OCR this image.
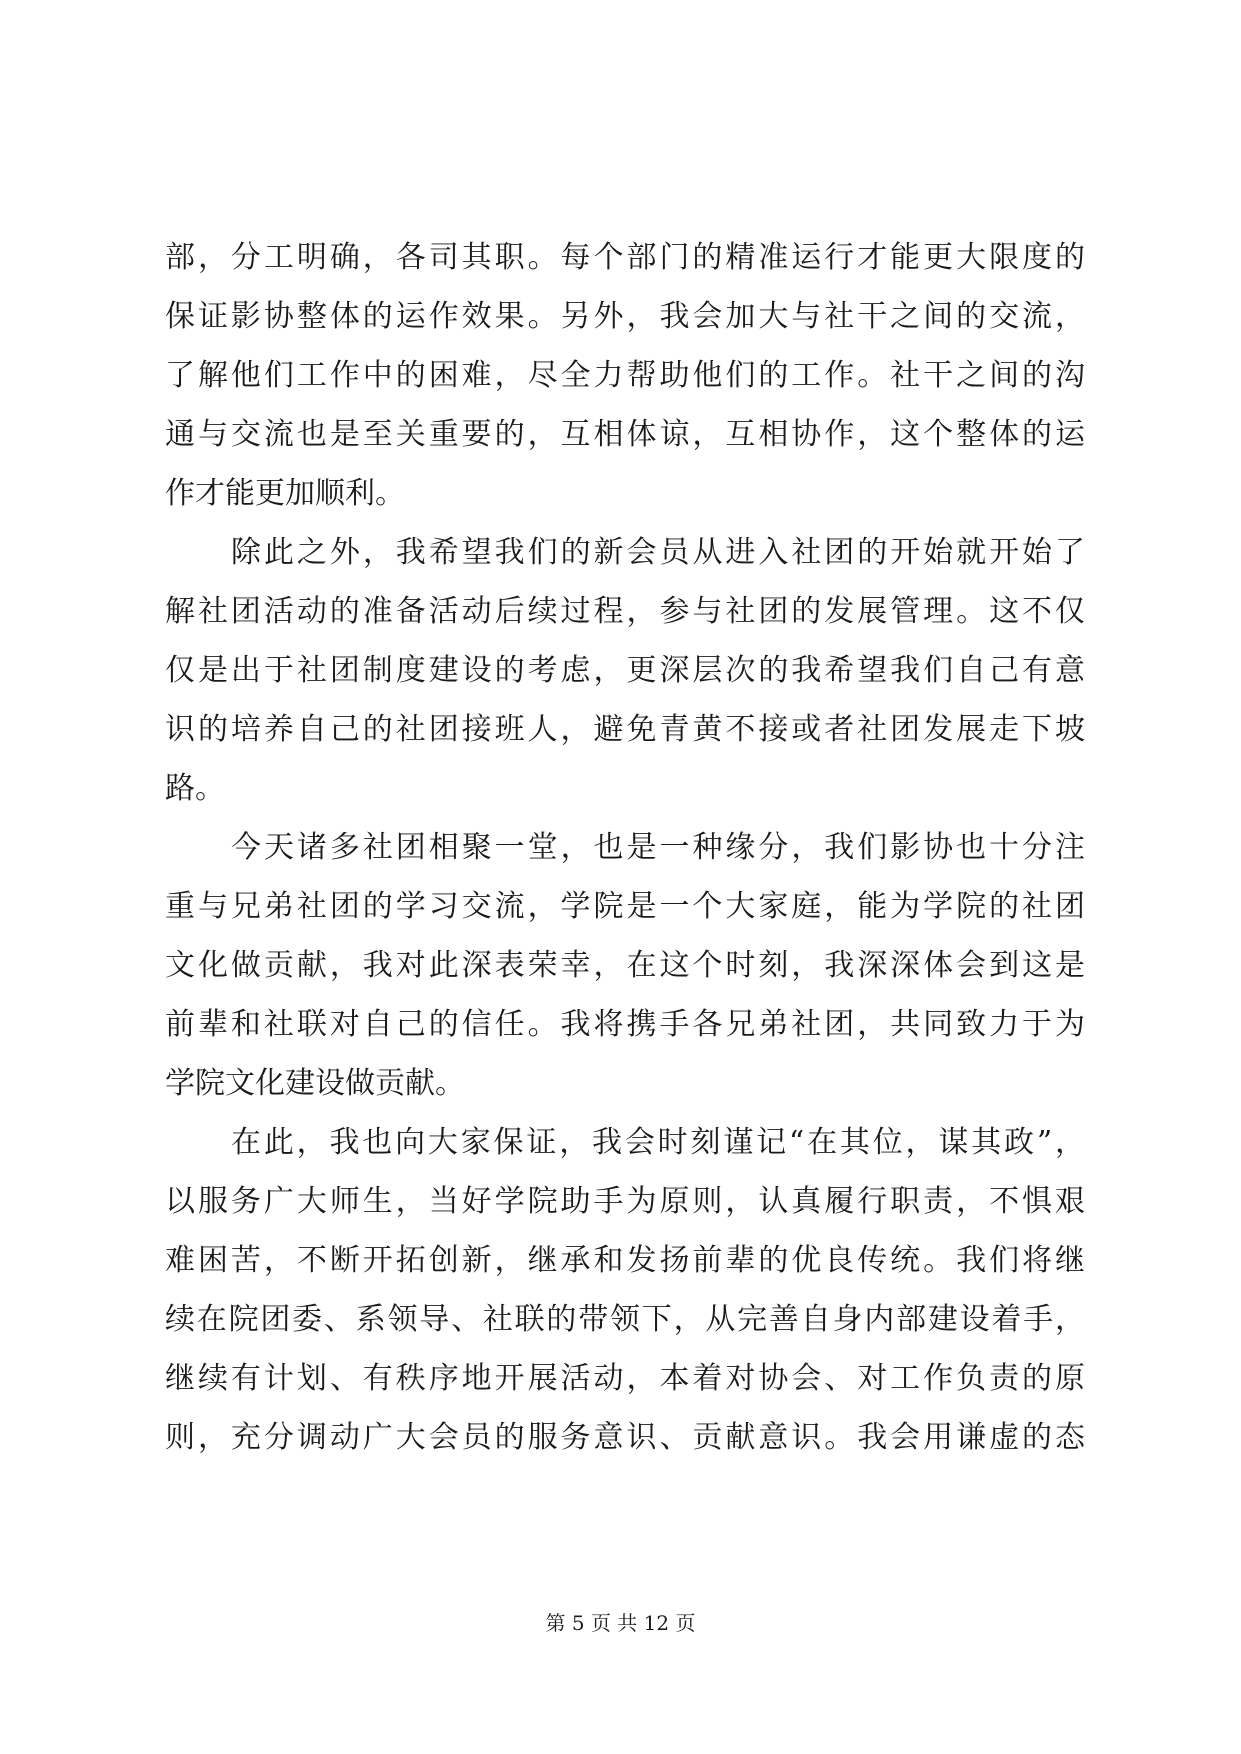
部，分工明确，各司其职。每个部门的精准运行才能更大限度的
保证影协整体的运作效果。另外，我会加大与社干之间的交流，
了解他们工作中的困难，尽全力帮助他们的工作。社干之间的沟
通与交流也是至关重要的，互相体谅，互相协作，这个整体的运
作才能更加顺利。
除此之外，我希望我们的新会员从进入社团的开始就开始了
解社团活动的准备活动后续过程，参与社团的发展管理。这不仅
仅是出于社团制度建设的考虑，更深层次的我希望我们自己有意
识的培养自己的社团接班人，避免青黄不接或者社团发展走下坡
路。
今天诸多社团相聚一堂，也是一种缘分，我们影协也十分注
重与兄弟社团的学习交流，学院是一个大家庭，能为学院的社团
文化做贡献，我对此深表荣幸，在这个时刻，我深深体会到这是
前辈和社联对自己的信任。我将携手各兄弟社团，共同致力于为
学院文化建设做贡献。
在此，我也向大家保证，我会时刻谨记“在其位，谋其政”，
以服务广大师生，当好学院助手为原则，认真履行职责，不惧艰
难困苦，不断开拓创新，继承和发扬前辈的优良传统。我们将继
续在院团委、系领导、社联的带领下，从完善自身内部建设着手，
继续有计划、有秩序地开展活动，本着对协会、对工作负责的原
则，充分调动广大会员的服务意识、贡献意识。我会用谦虚的态
第 5 页 共 12 页
